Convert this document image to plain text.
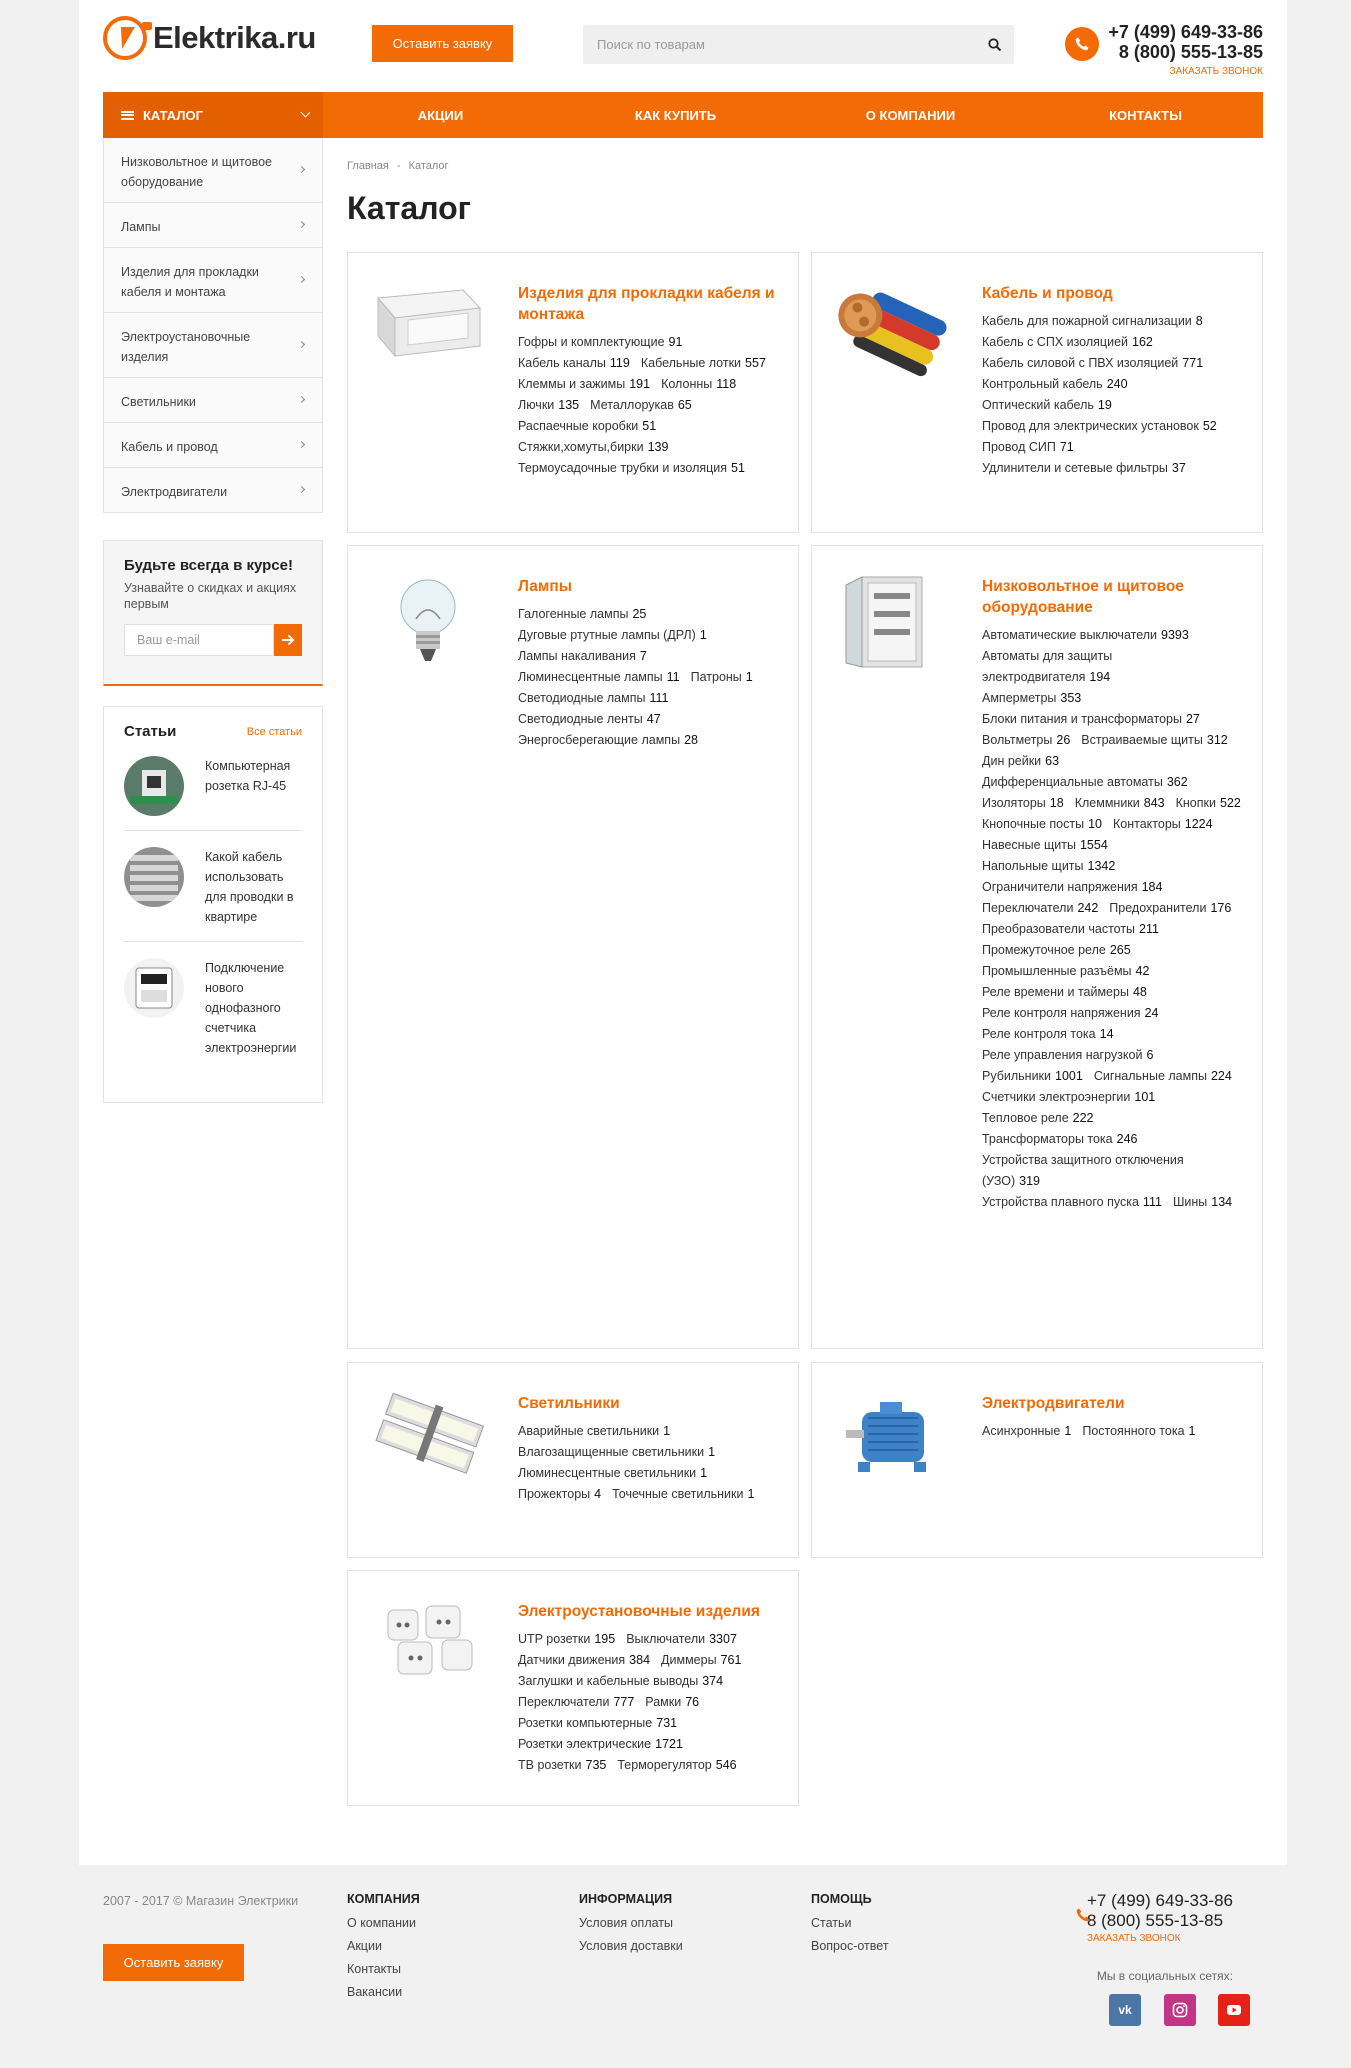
Elektrika.ru	Оставить заявку
Поиск по товарам
+7 (499) 649-33-86
8 (800) 555-13-85
ЗАКАЗАТЬ ЗВОНОК
КАТАЛОГ	АКЦИИ	КАК КУПИТЬ	О КОМПАНИИ	КОНТАКТЫ
Низковольтное и щитовое оборудование
Лампы
Изделия для прокладки кабеля и монтажа
Электроустановочные изделия
Светильники
Кабель и провод
Электродвигатели
Будьте всегда в курсе!

Узнавайте о скидках и акциях первым

Ваш e-mail
Статьи	Все статьи
Компьютерная розетка RJ-45
Какой кабель использовать для проводки в квартире
Подключение нового однофазного счетчика электроэнергии
Главная - Каталог
Каталог
Изделия для прокладки кабеля и монтажа
Гофры и комплектующие 91
Кабель каналы 119 Кабельные лотки 557
Клеммы и зажимы 191 Колонны 118
Лючки 135 Металлорукав 65
Распаечные коробки 51
Стяжки,хомуты,бирки 139
Термоусадочные трубки и изоляция 51
Кабель и провод
Кабель для пожарной сигнализации 8
Кабель с СПХ изоляцией 162
Кабель силовой с ПВХ изоляцией 771
Контрольный кабель 240
Оптический кабель 19
Провод для электрических установок 52
Провод СИП 71
Удлинители и сетевые фильтры 37
Лампы
Галогенные лампы 25
Дуговые ртутные лампы (ДРЛ) 1
Лампы накаливания 7
Люминесцентные лампы 11 Патроны 1
Светодиодные лампы 111
Светодиодные ленты 47
Энергосберегающие лампы 28
Низковольтное и щитовое оборудование
Автоматические выключатели 9393
Автоматы для защиты электродвигателя 194
Амперметры 353
Блоки питания и трансформаторы 27
Вольтметры 26 Встраиваемые щиты 312
Дин рейки 63
Дифференциальные автоматы 362
Изоляторы 18 Клеммники 843 Кнопки 522
Кнопочные посты 10 Контакторы 1224
Навесные щиты 1554
Напольные щиты 1342
Ограничители напряжения 184
Переключатели 242 Предохранители 176
Преобразователи частоты 211
Промежуточное реле 265
Промышленные разъёмы 42
Реле времени и таймеры 48
Реле контроля напряжения 24
Реле контроля тока 14
Реле управления нагрузкой 6
Рубильники 1001 Сигнальные лампы 224
Счетчики электроэнергии 101
Тепловое реле 222
Трансформаторы тока 246
Устройства защитного отключения (УЗО) 319
Устройства плавного пуска 111 Шины 134
Светильники
Аварийные светильники 1
Влагозащищенные светильники 1
Люминесцентные светильники 1
Прожекторы 4 Точечные светильники 1
Электродвигатели
Асинхронные 1 Постоянного тока 1
Электроустановочные изделия
UTP розетки 195 Выключатели 3307
Датчики движения 384 Диммеры 761
Заглушки и кабельные выводы 374
Переключатели 777 Рамки 76
Розетки компьютерные 731
Розетки электрические 1721
ТВ розетки 735 Терморегулятор 546
2007 - 2017 © Магазин Электрики
Оставить заявку
КОМПАНИЯ
О компании
Акции
Контакты
Вакансии
ИНФОРМАЦИЯ
Условия оплаты
Условия доставки
ПОМОЩЬ
Статьи
Вопрос-ответ
+7 (499) 649-33-86
8 (800) 555-13-85
ЗАКАЗАТЬ ЗВОНОК
Мы в социальных сетях:
vk
